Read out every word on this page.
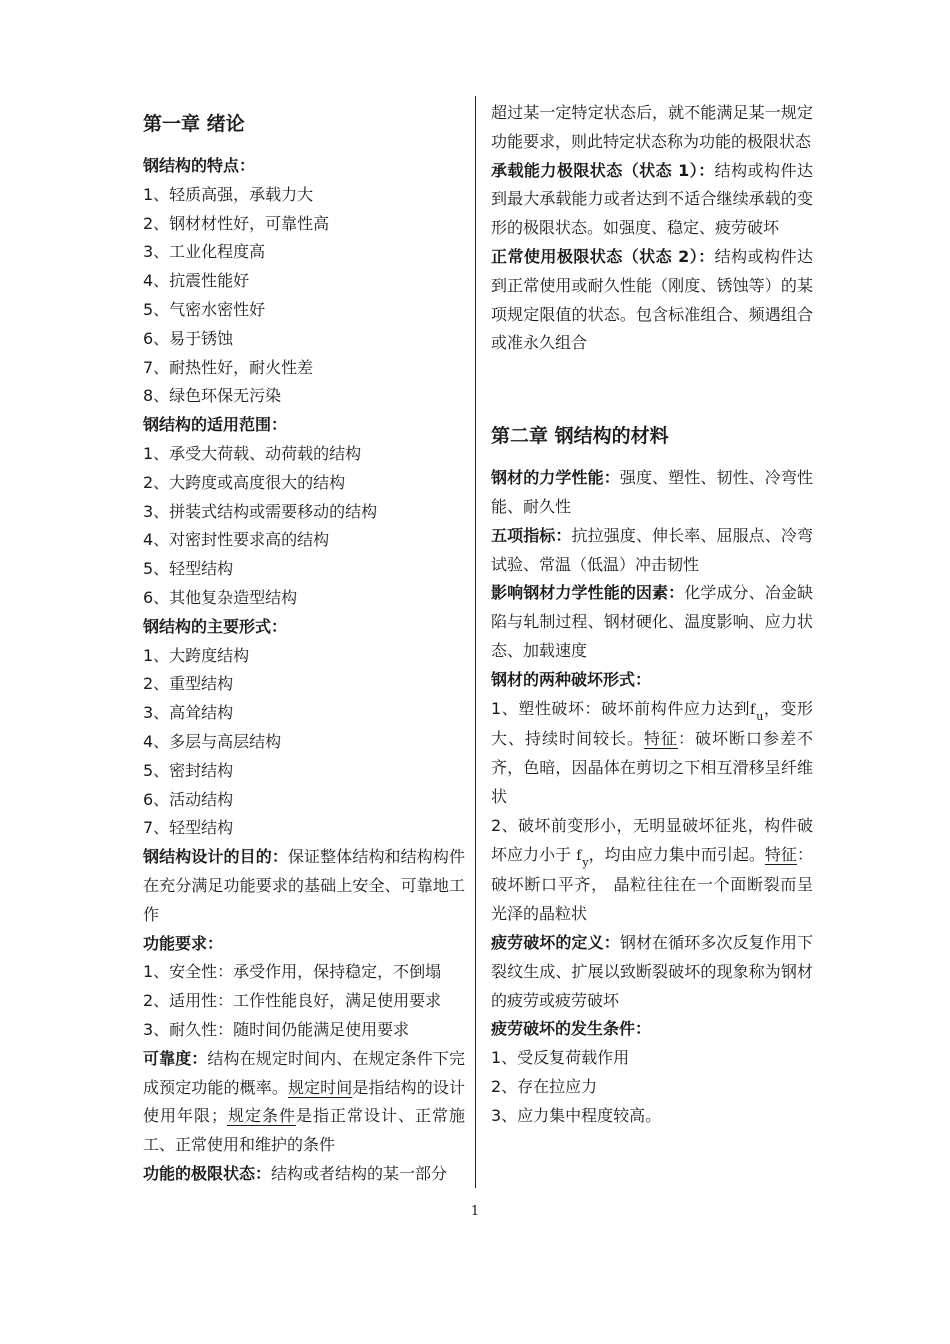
第一章 绪论
钢结构的特点：
1、轻质高强，承载力大
2、钢材材性好，可靠性高
3、工业化程度高
4、抗震性能好
5、气密水密性好
6、易于锈蚀
7、耐热性好，耐火性差
8、绿色环保无污染
钢结构的适用范围：
1、承受大荷载、动荷载的结构
2、大跨度或高度很大的结构
3、拼装式结构或需要移动的结构
4、对密封性要求高的结构
5、轻型结构
6、其他复杂造型结构
钢结构的主要形式：
1、大跨度结构
2、重型结构
3、高耸结构
4、多层与高层结构
5、密封结构
6、活动结构
7、轻型结构
钢结构设计的目的：保证整体结构和结构构件在充分满足功能要求的基础上安全、可靠地工作
功能要求：
1、安全性：承受作用，保持稳定，不倒塌
2、适用性：工作性能良好，满足使用要求
3、耐久性：随时间仍能满足使用要求
可靠度：结构在规定时间内、在规定条件下完成预定功能的概率。规定时间是指结构的设计使用年限；规定条件是指正常设计、正常施工、正常使用和维护的条件
功能的极限状态：结构或者结构的某一部分
超过某一定特定状态后，就不能满足某一规定功能要求，则此特定状态称为功能的极限状态
承载能力极限状态（状态 1）：结构或构件达到最大承载能力或者达到不适合继续承载的变形的极限状态。如强度、稳定、疲劳破坏
正常使用极限状态（状态 2）：结构或构件达到正常使用或耐久性能（刚度、锈蚀等）的某项规定限值的状态。包含标准组合、频遇组合或准永久组合
第二章 钢结构的材料
钢材的力学性能：强度、塑性、韧性、冷弯性能、耐久性
五项指标：抗拉强度、伸长率、屈服点、冷弯试验、常温（低温）冲击韧性
影响钢材力学性能的因素：化学成分、冶金缺陷与轧制过程、钢材硬化、温度影响、应力状态、加载速度
钢材的两种破坏形式：
1、塑性破坏：破坏前构件应力达到$f_u$，变形大、持续时间较长。特征：破坏断口参差不齐，色暗，因晶体在剪切之下相互滑移呈纤维状
2、破坏前变形小，无明显破坏征兆，构件破坏应力小于 $f_y$，均由应力集中而引起。特征：破坏断口平齐， 晶粒往往在一个面断裂而呈光泽的晶粒状
疲劳破坏的定义：钢材在循环多次反复作用下裂纹生成、扩展以致断裂破坏的现象称为钢材的疲劳或疲劳破坏
疲劳破坏的发生条件：
1、受反复荷载作用
2、存在拉应力
3、应力集中程度较高。
1
